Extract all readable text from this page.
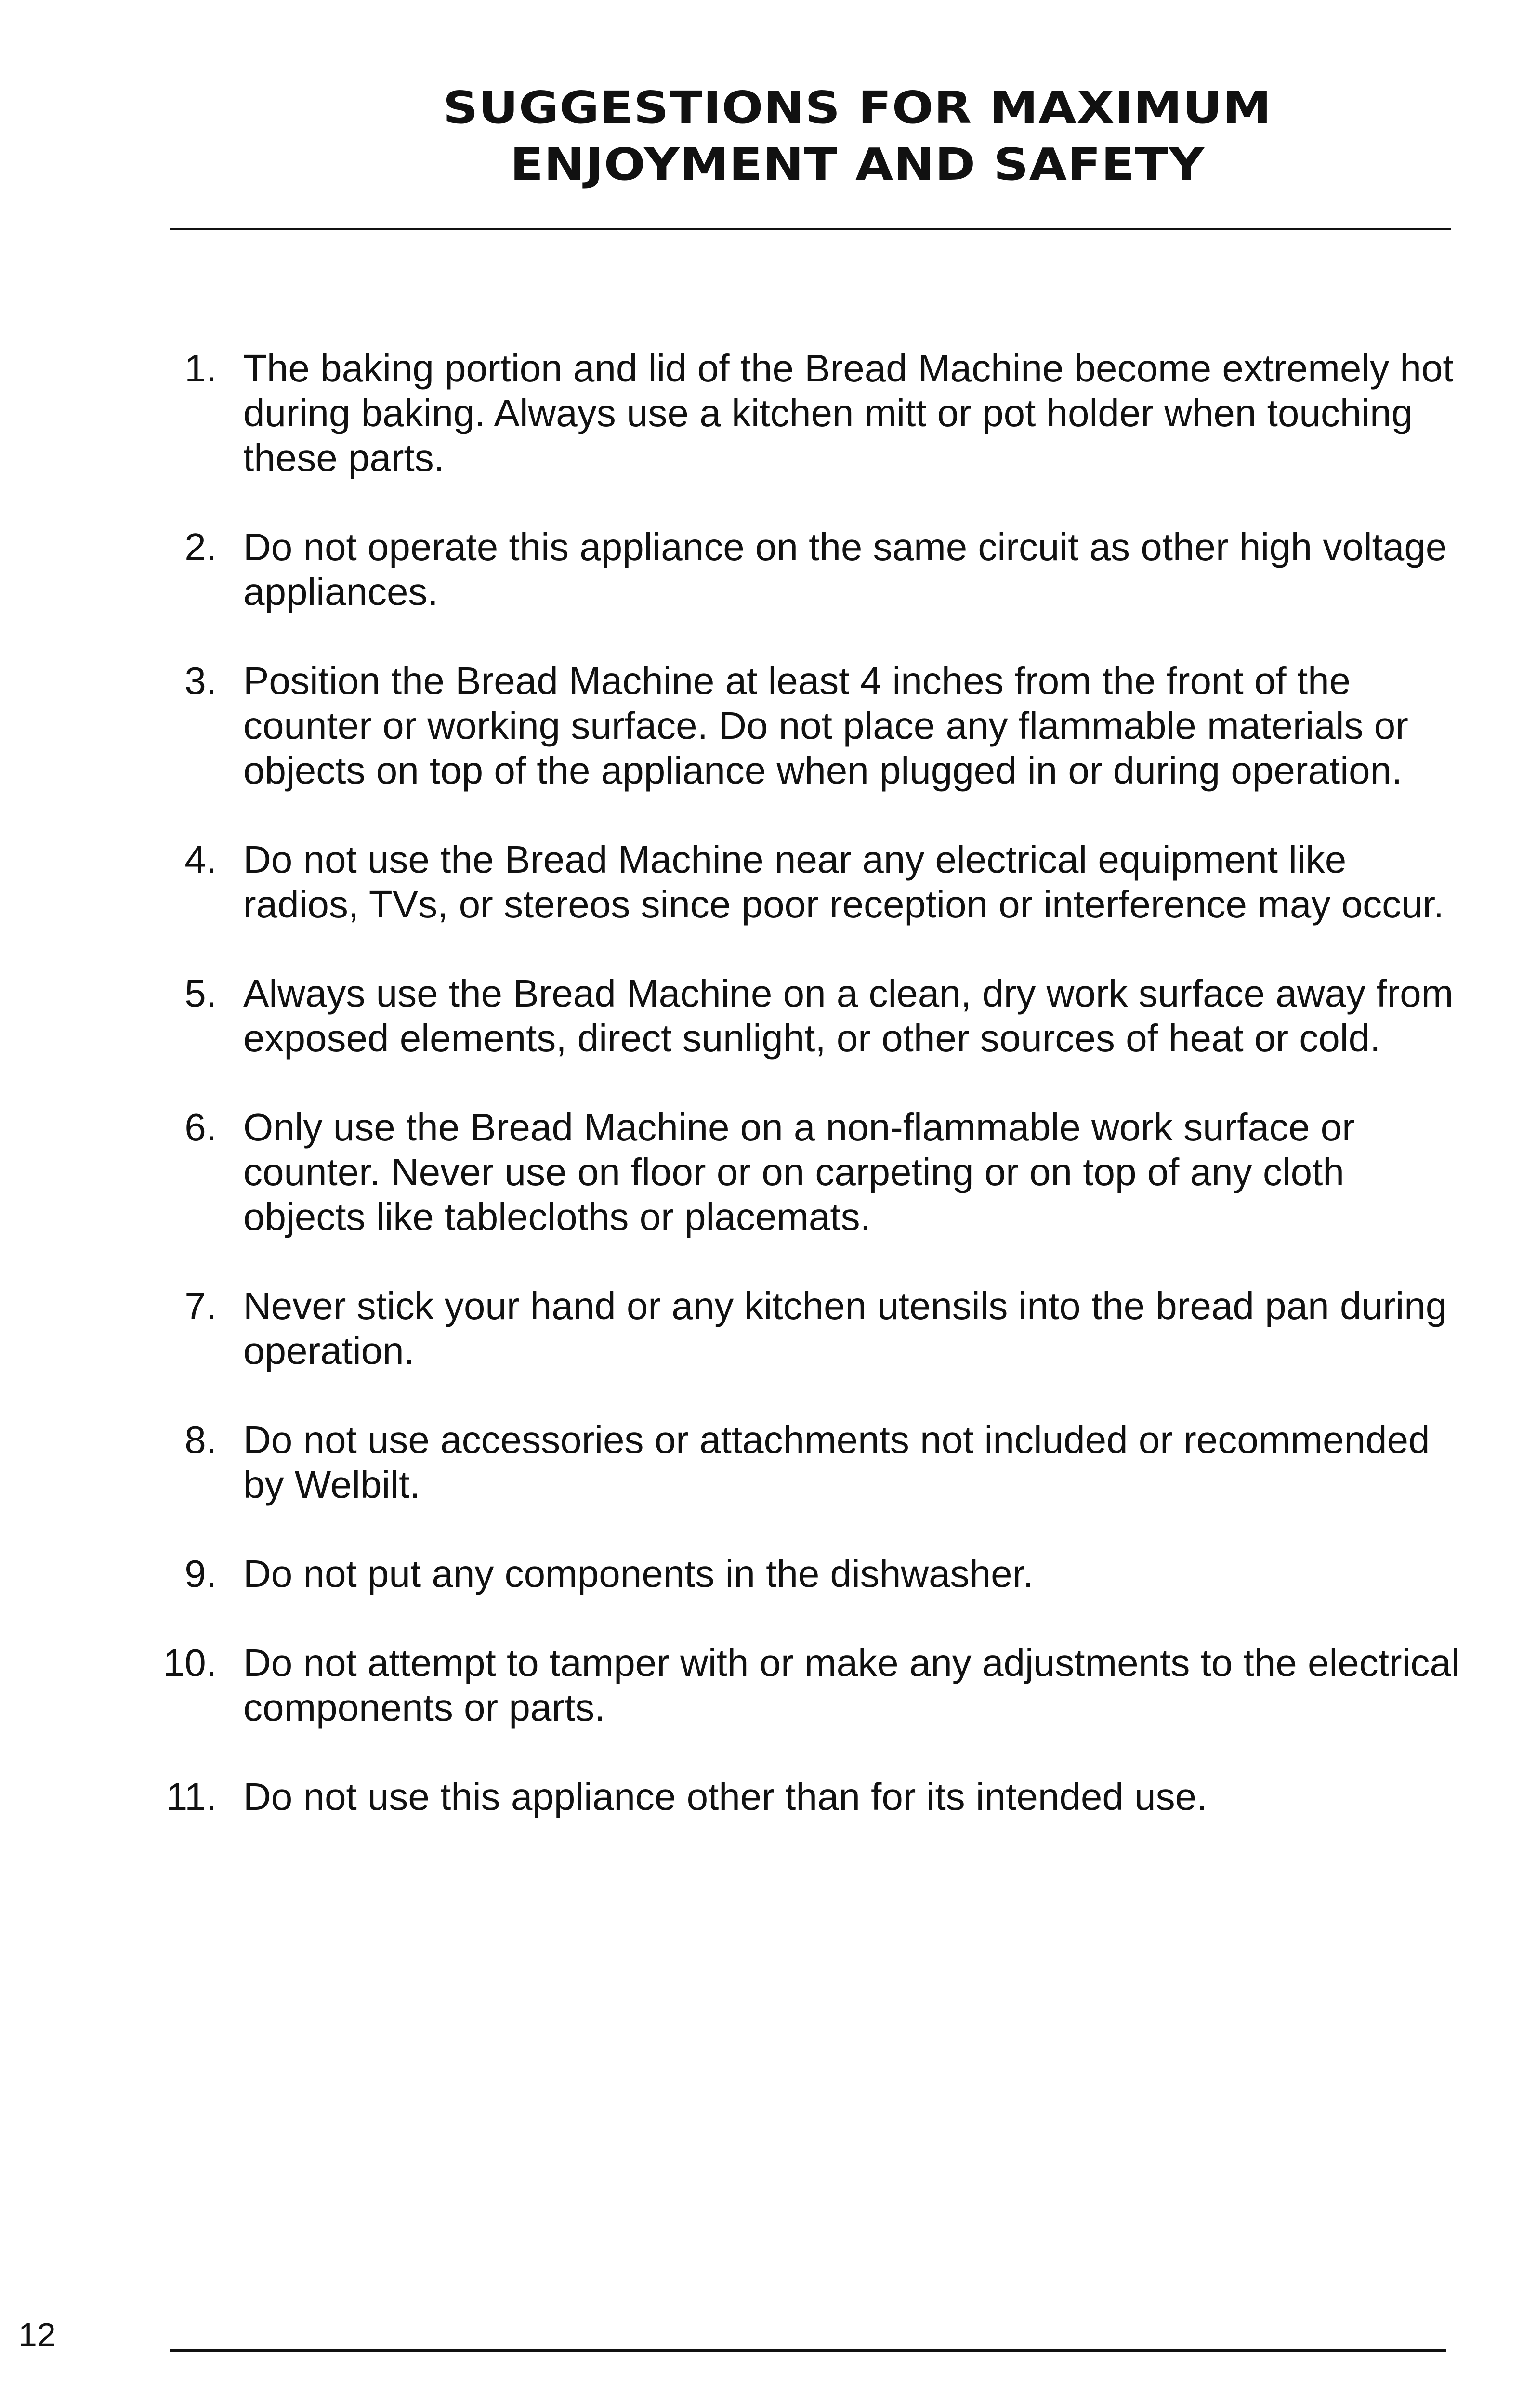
SUGGESTIONS FOR MAXIMUM
ENJOYMENT AND SAFETY
1. The baking portion and lid of the Bread Machine become extremely hot during baking. Always use a kitchen mitt or pot holder when touching these parts.
2. Do not operate this appliance on the same circuit as other high voltage appliances.
3. Position the Bread Machine at least 4 inches from the front of the counter or working surface. Do not place any flammable materials or objects on top of the appliance when plugged in or during operation.
4. Do not use the Bread Machine near any electrical equipment like radios, TVs, or stereos since poor reception or interference may occur.
5. Always use the Bread Machine on a clean, dry work surface away from exposed elements, direct sunlight, or other sources of heat or cold.
6. Only use the Bread Machine on a non-flammable work surface or counter. Never use on floor or on carpeting or on top of any cloth objects like tablecloths or placemats.
7. Never stick your hand or any kitchen utensils into the bread pan during operation.
8. Do not use accessories or attachments not included or recommended by Welbilt.
9. Do not put any components in the dishwasher.
10. Do not attempt to tamper with or make any adjustments to the electrical components or parts.
11. Do not use this appliance other than for its intended use.
12
